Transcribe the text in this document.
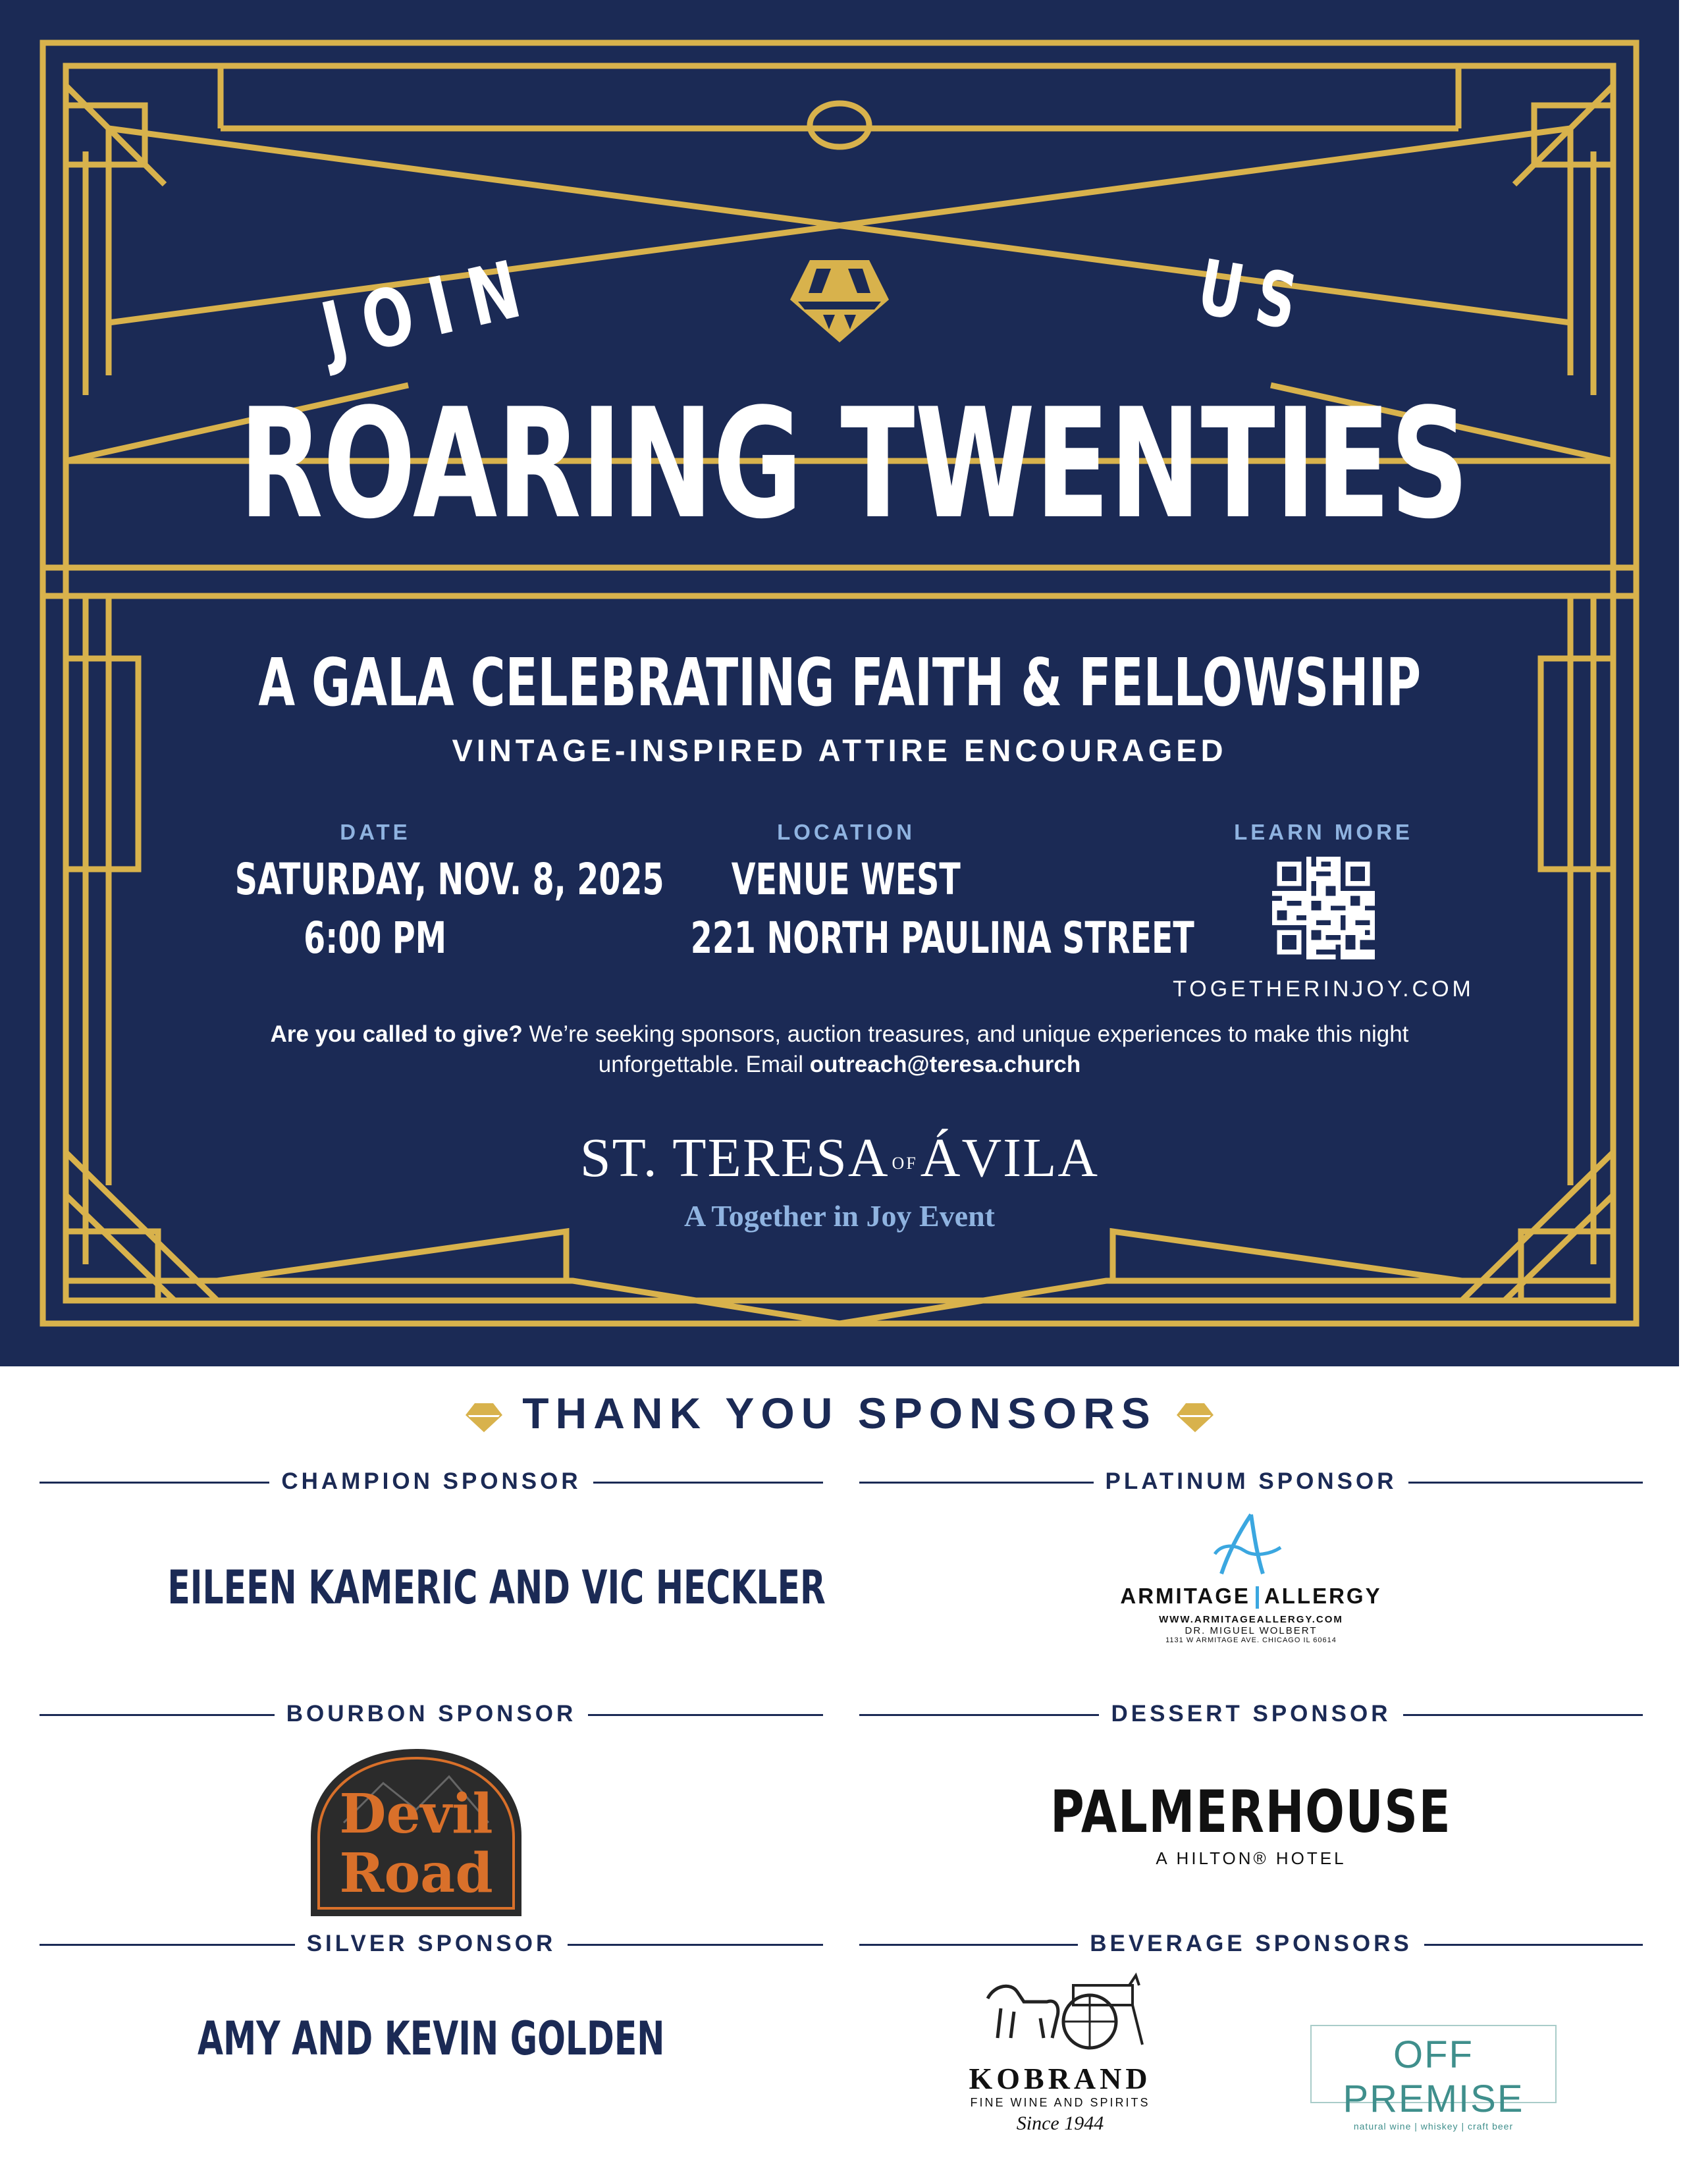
JOIN	US
ROARING TWENTIES
A GALA CELEBRATING FAITH & FELLOWSHIP
VINTAGE-INSPIRED ATTIRE ENCOURAGED
DATE
SATURDAY, NOV. 8, 2025
6:00 PM
LOCATION
VENUE WEST
221 NORTH PAULINA STREET
LEARN MORE
TOGETHERINJOY.COM
Are you called to give? We’re seeking sponsors, auction treasures, and unique experiences to make this night unforgettable. Email outreach@teresa.church
ST. TERESA OFÁVILA
A Together in Joy Event
THANK YOU SPONSORS
CHAMPION SPONSOR	PLATINUM SPONSOR
BOURBON SPONSOR	DESSERT SPONSOR
SILVER SPONSOR	BEVERAGE SPONSORS
EILEEN KAMERIC AND VIC HECKLER	ARMITAGE ALLERGY
WWW.ARMITAGEALLERGY.COM
DR. MIGUEL WOLBERT
1131 W ARMITAGE AVE. CHICAGO IL 60614
Devil
Road
PALMERHOUSE
A HILTON® HOTEL
AMY AND KEVIN GOLDEN
KOBRAND
FINE WINE AND SPIRITS
Since 1944
OFF PREMISE
natural wine | whiskey | craft beer
